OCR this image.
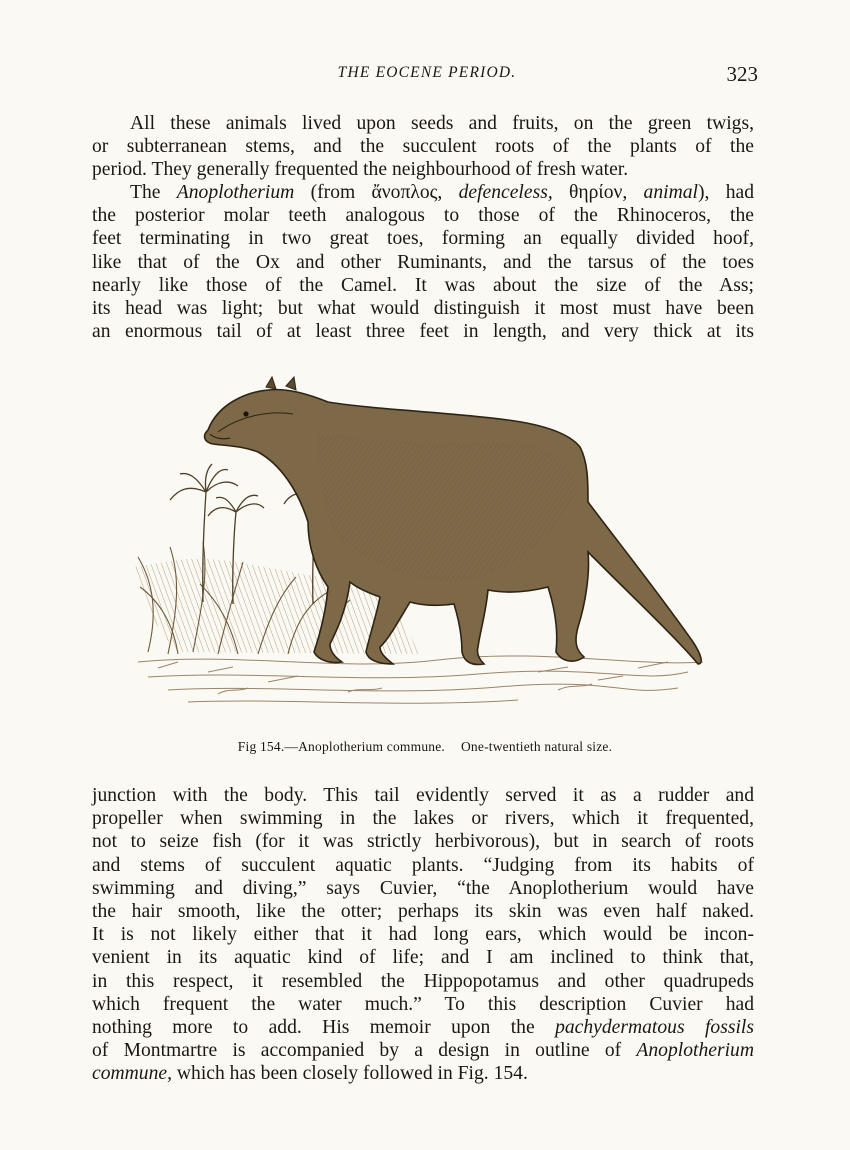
THE EOCENE PERIOD.	323

All these animals lived upon seeds and fruits, on the green twigs,
or subterranean stems, and the succulent roots of the plants of the
period. They generally frequented the neighbourhood of fresh water.

The Anoplotherium (from ἄνοπλος, defenceless, θηρίον, animal), had
the posterior molar teeth analogous to those of the Rhinoceros, the
feet terminating in two great toes, forming an equally divided hoof,
like that of the Ox and other Ruminants, and the tarsus of the toes
nearly like those of the Camel. It was about the size of the Ass;
its head was light; but what would distinguish it most must have been
an enormous tail of at least three feet in length, and very thick at its

Fig 154.—Anoplotherium commune. One-twentieth natural size.

junction with the body. This tail evidently served it as a rudder and
propeller when swimming in the lakes or rivers, which it frequented,
not to seize fish (for it was strictly herbivorous), but in search of roots
and stems of succulent aquatic plants. “Judging from its habits of
swimming and diving,” says Cuvier, “the Anoplotherium would have
the hair smooth, like the otter; perhaps its skin was even half naked.
It is not likely either that it had long ears, which would be incon-
venient in its aquatic kind of life; and I am inclined to think that,
in this respect, it resembled the Hippopotamus and other quadrupeds
which frequent the water much.” To this description Cuvier had
nothing more to add. His memoir upon the pachydermatous fossils
of Montmartre is accompanied by a design in outline of Anoplotherium
commune, which has been closely followed in Fig. 154.
